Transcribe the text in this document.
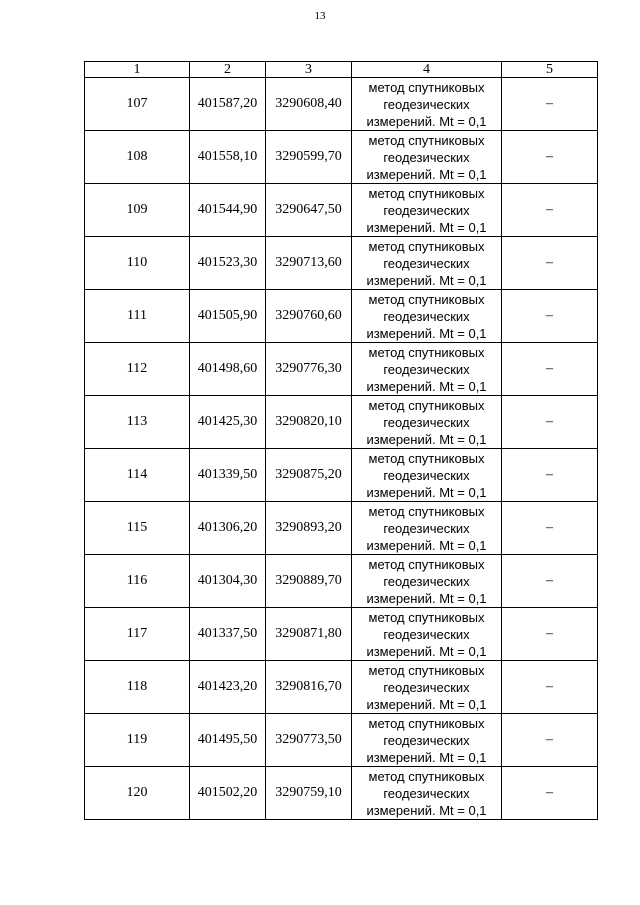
13
1	2	3	4	5
107	401587,20	3290608,40	метод спутниковых
геодезических
измерений. Mt = 0,1	–
108	401558,10	3290599,70	метод спутниковых
геодезических
измерений. Mt = 0,1	–
109	401544,90	3290647,50	метод спутниковых
геодезических
измерений. Mt = 0,1	–
110	401523,30	3290713,60	метод спутниковых
геодезических
измерений. Mt = 0,1	–
111	401505,90	3290760,60	метод спутниковых
геодезических
измерений. Mt = 0,1	–
112	401498,60	3290776,30	метод спутниковых
геодезических
измерений. Mt = 0,1	–
113	401425,30	3290820,10	метод спутниковых
геодезических
измерений. Mt = 0,1	–
114	401339,50	3290875,20	метод спутниковых
геодезических
измерений. Mt = 0,1	–
115	401306,20	3290893,20	метод спутниковых
геодезических
измерений. Mt = 0,1	–
116	401304,30	3290889,70	метод спутниковых
геодезических
измерений. Mt = 0,1	–
117	401337,50	3290871,80	метод спутниковых
геодезических
измерений. Mt = 0,1	–
118	401423,20	3290816,70	метод спутниковых
геодезических
измерений. Mt = 0,1	–
119	401495,50	3290773,50	метод спутниковых
геодезических
измерений. Mt = 0,1	–
120	401502,20	3290759,10	метод спутниковых
геодезических
измерений. Mt = 0,1	–
